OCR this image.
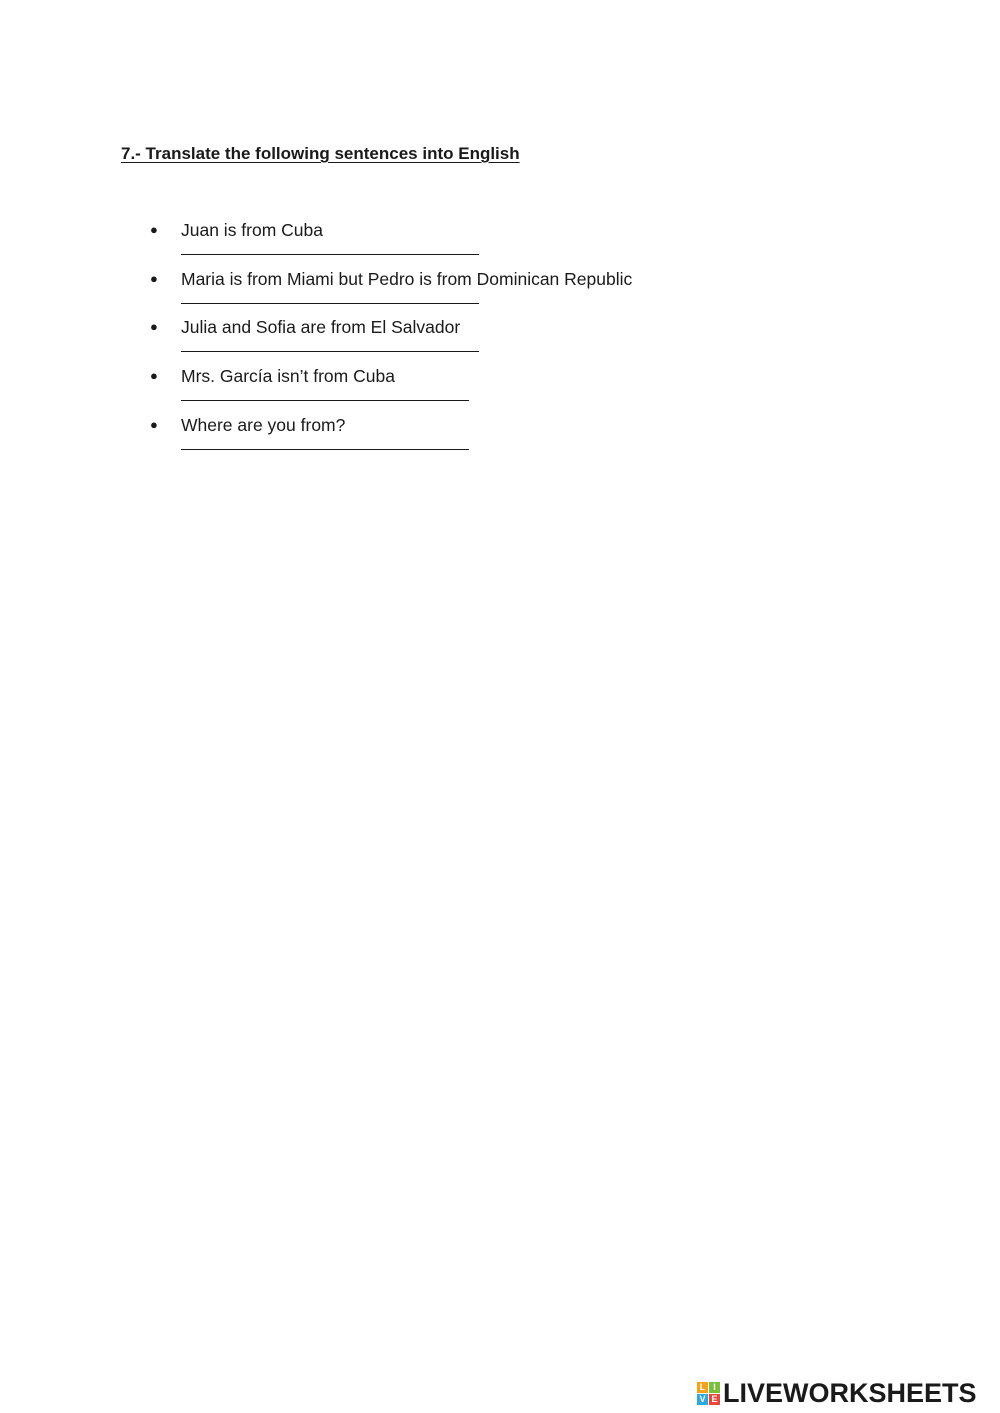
7.- Translate the following sentences into English
● Juan is from Cuba
● Maria is from Miami but Pedro is from Dominican Republic
● Julia and Sofia are from El Salvador
● Mrs. García isn’t from Cuba
● Where are you from?
L I
V E LIVEWORKSHEETS
